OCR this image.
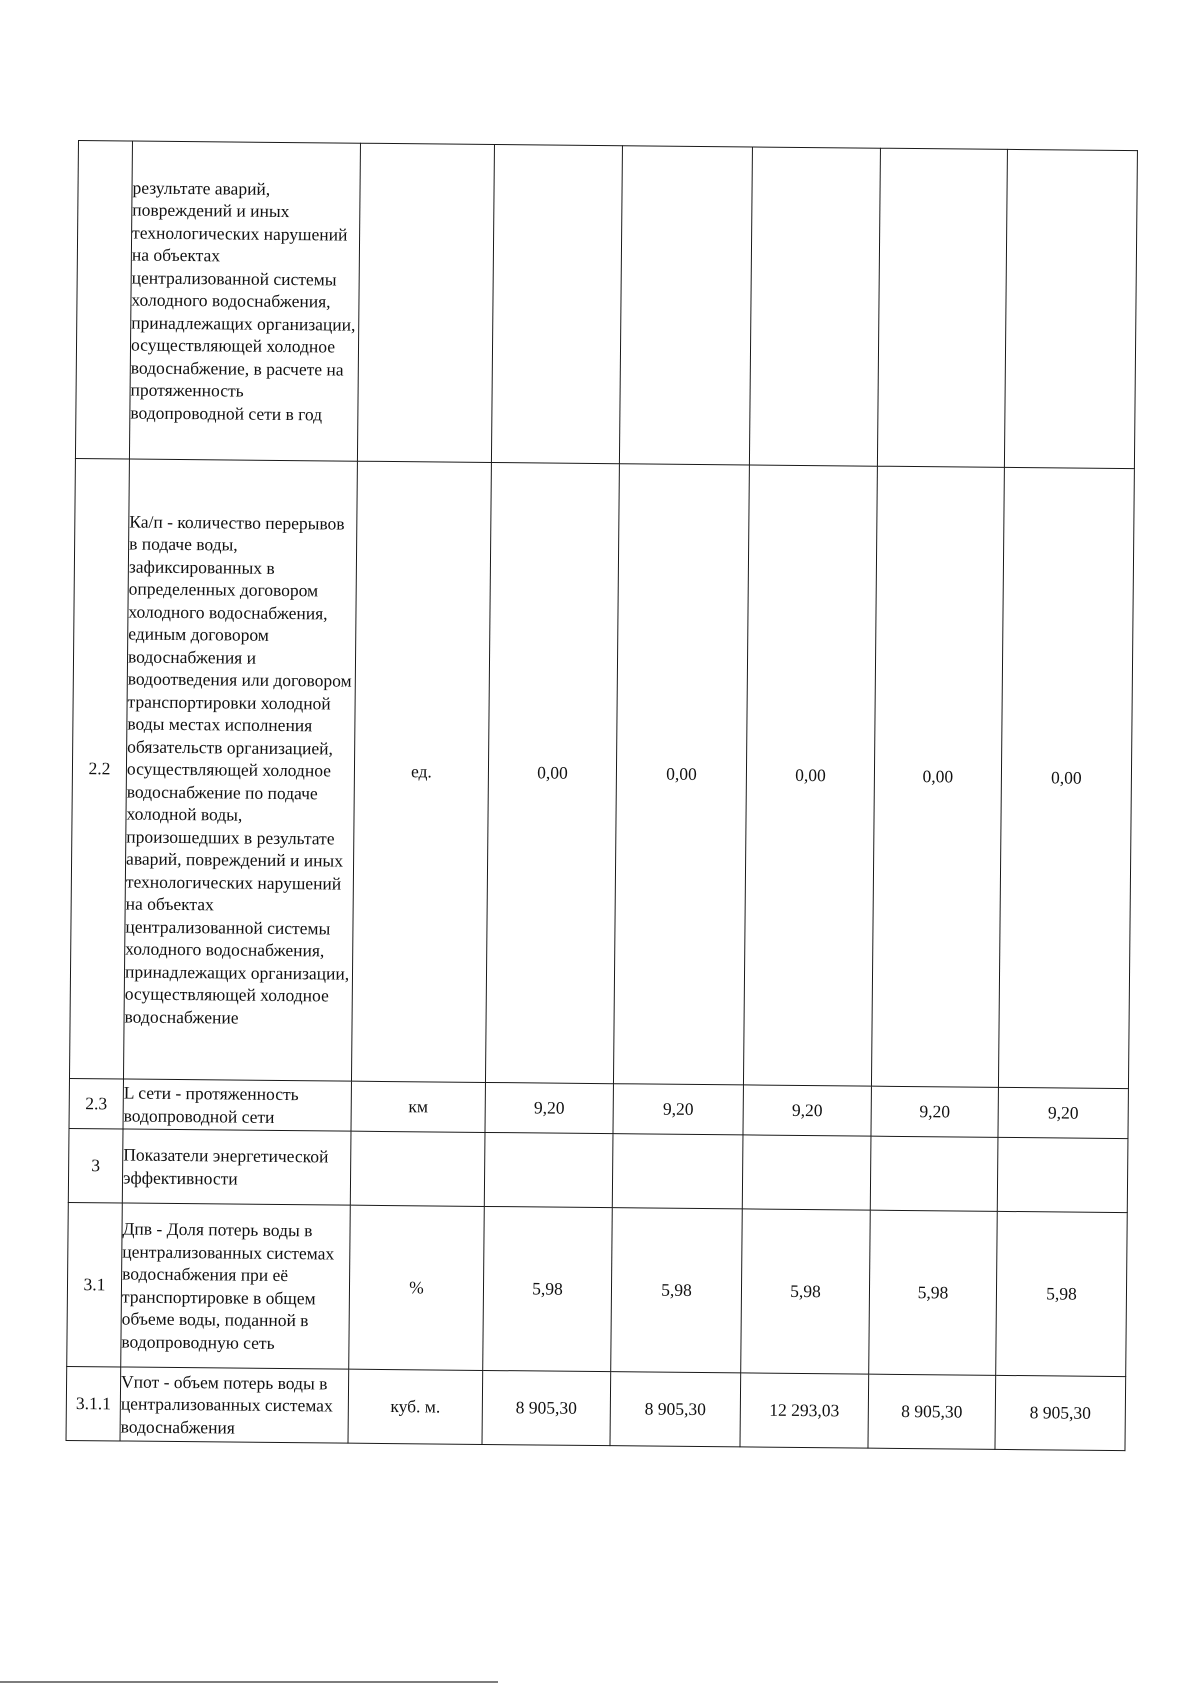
	результате аварий, повреждений и иных технологических нарушений на объектах централизованной системы холодного водоснабжения, принадлежащих организации, осуществляющей холодное водоснабжение, в расчете на протяженность водопроводной сети в год						
2.2	Ка/п - количество перерывов в подаче воды, зафиксированных в определенных договором холодного водоснабжения, единым договором водоснабжения и водоотведения или договором транспортировки холодной воды местах исполнения обязательств организацией, осуществляющей холодное водоснабжение по подаче холодной воды, произошедших в результате аварий, повреждений и иных технологических нарушений на объектах централизованной системы холодного водоснабжения, принадлежащих организации, осуществляющей холодное водоснабжение	ед.	0,00	0,00	0,00	0,00	0,00
2.3	L сети - протяженность водопроводной сети	км	9,20	9,20	9,20	9,20	9,20
3	Показатели энергетической эффективности						
3.1	Дпв - Доля потерь воды в централизованных системах водоснабжения при её транспортировке в общем объеме воды, поданной в водопроводную сеть	%	5,98	5,98	5,98	5,98	5,98
3.1.1	Vпот - объем потерь воды в централизованных системах водоснабжения	куб. м.	8 905,30	8 905,30	12 293,03	8 905,30	8 905,30
